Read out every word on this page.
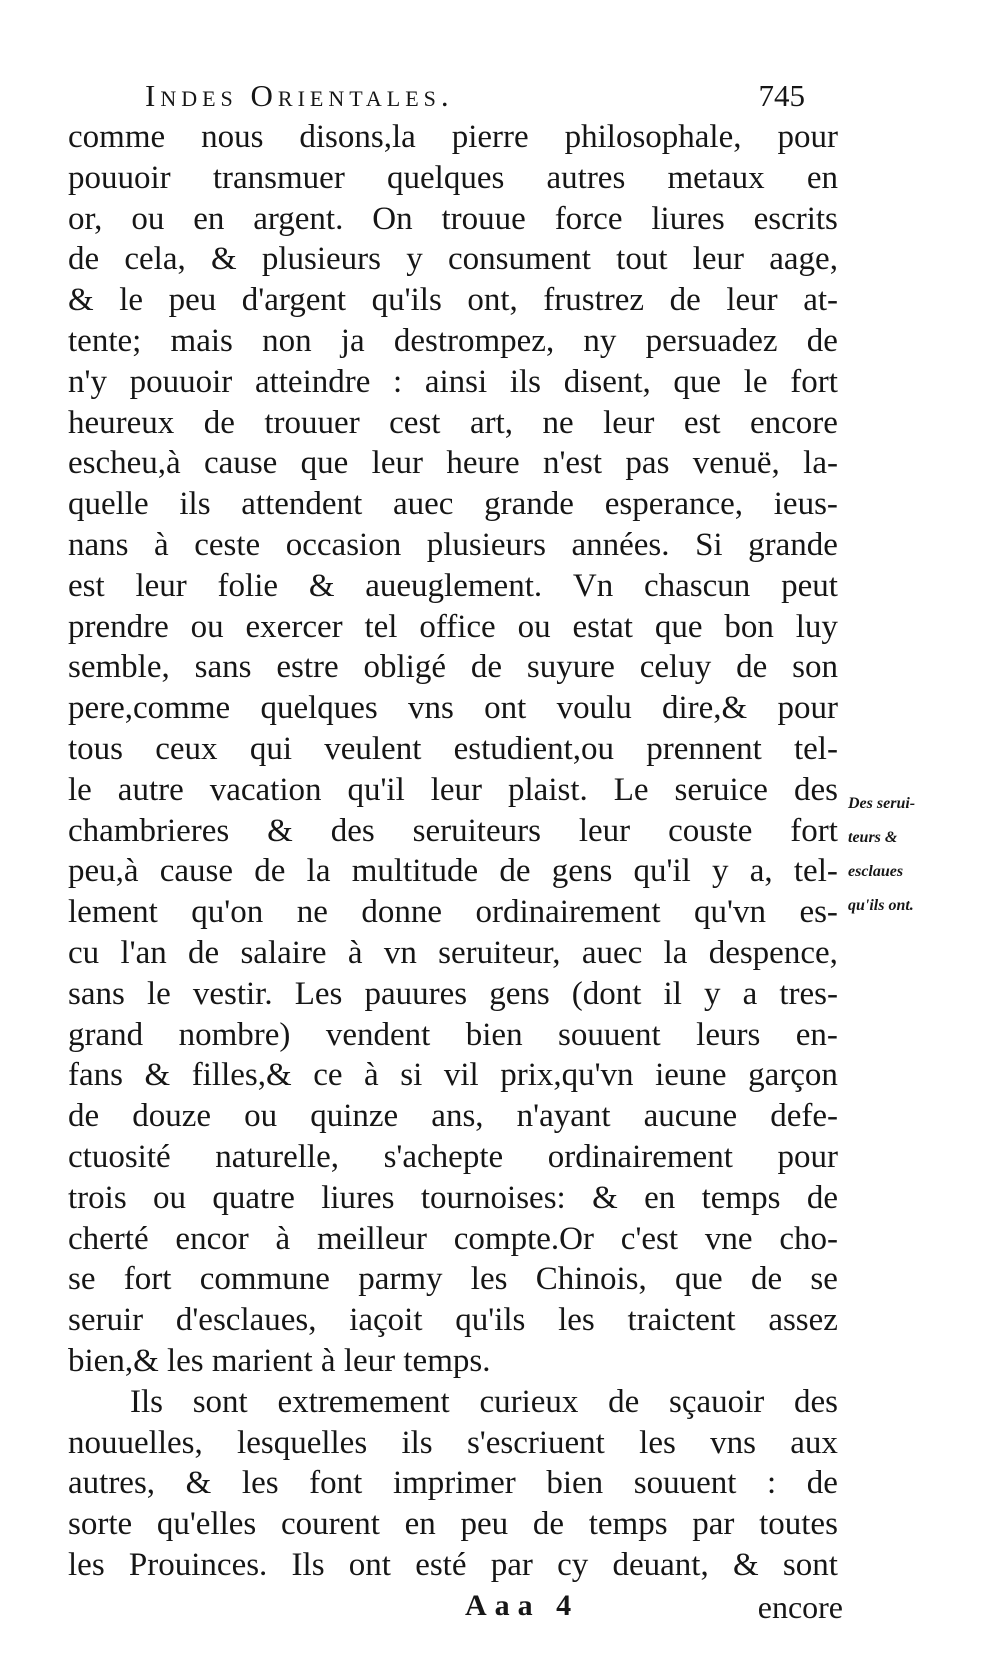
Indes Orientales.	745
comme nous disons,la pierre philosophale, pour
pouuoir transmuer quelques autres metaux en
or, ou en argent. On trouue force liures escrits
de cela, & plusieurs y consument tout leur aage,
& le peu d'argent qu'ils ont, frustrez de leur at-
tente; mais non ja destrompez, ny persuadez de
n'y pouuoir atteindre : ainsi ils disent, que le fort
heureux de trouuer cest art, ne leur est encore
escheu,à cause que leur heure n'est pas venuë, la-
quelle ils attendent auec grande esperance, ieus-
nans à ceste occasion plusieurs années. Si grande
est leur folie & aueuglement. Vn chascun peut
prendre ou exercer tel office ou estat que bon luy
semble, sans estre obligé de suyure celuy de son
pere,comme quelques vns ont voulu dire,& pour
tous ceux qui veulent estudient,ou prennent tel-
le autre vacation qu'il leur plaist. Le seruice des
chambrieres & des seruiteurs leur couste fort
peu,à cause de la multitude de gens qu'il y a, tel-
lement qu'on ne donne ordinairement qu'vn es-
cu l'an de salaire à vn seruiteur, auec la despence,
sans le vestir. Les pauures gens (dont il y a tres-
grand nombre) vendent bien souuent leurs en-
fans & filles,& ce à si vil prix,qu'vn ieune garçon
de douze ou quinze ans, n'ayant aucune defe-
ctuosité naturelle, s'achepte ordinairement pour
trois ou quatre liures tournoises: & en temps de
cherté encor à meilleur compte.Or c'est vne cho-
se fort commune parmy les Chinois, que de se
seruir d'esclaues, iaçoit qu'ils les traictent assez
bien,& les marient à leur temps.
Ils sont extremement curieux de sçauoir des
nouuelles, lesquelles ils s'escriuent les vns aux
autres, & les font imprimer bien souuent : de
sorte qu'elles courent en peu de temps par toutes
les Prouinces. Ils ont esté par cy deuant, & sont
Des serui-
teurs &
esclaues
qu'ils ont.
Aaa 4	encore
